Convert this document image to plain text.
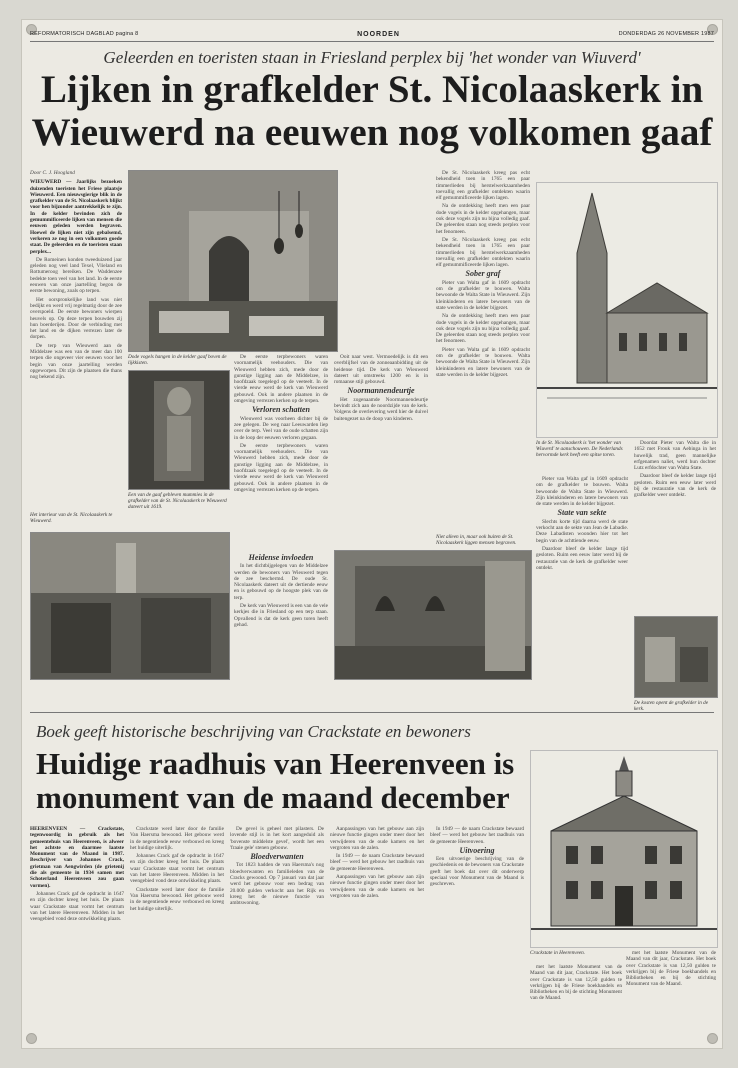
REFORMATORISCH DAGBLAD pagina 8	NOORDEN	DONDERDAG 26 NOVEMBER 1987
Geleerden en toeristen staan in Friesland perplex bij 'het wonder van Wiuverd'
Lijken in grafkelder St. Nicolaaskerk in
Wieuwerd na eeuwen nog volkomen gaaf

Door C. J. Hoogland

WIEUWERD — Jaarlijks bezoeken duizenden toeristen het Friese plaatsje Wieuwerd. Een nieuwsgierige blik in de grafkelder van de St. Nicolaaskerk blijkt voor hen bijzonder aantrekkelijk te zijn. In de kelder bevinden zich de gemummificeerde lijken van mensen die eeuwen geleden werden begraven. Hoewel de lijken niet zijn gebalsemd, verkeren ze nog in een volkomen goede staat. De geleerden en de toeristen staan perplex...

De Romeinen konden tweeduizend jaar geleden nog veel land Texel, Vlieland en Rottumeroog bereiken. De Waddenzee bedekte toen veel van het land. In de eerste eeuwen van onze jaartelling begon de eerste bewoning, zoals op terpen.

Het oorspronkelijke land was niet bedijkt en werd vrij regelmatig door de zee overspoeld. De eerste bewoners wierpen heuvels op. Op deze terpen bouwden zij hun boerderijen. Door de verbinding met het land en de dijken verrezen later de dorpen.

De terp van Wieuwerd aan de Middelzee was een van de meer dan 100 terpen die ongeveer vier eeuwen voor het begin van onze jaartelling werden opgeworpen. Dit zijn de plaatsen die thans nog bekend zijn.

Dode vogels hangen in de kelder gaaf boven de lijkkisten.

De eerste terpbewoners waren voornamelijk veehouders. Die van Wieuwerd hebben zich, mede door de gunstige ligging aan de Middelzee, in hoofdzaak toegelegd op de veeteelt. In de vierde eeuw werd de kerk van Wieuwerd gebouwd. Ook in andere plaatsen in de omgeving verrezen kerken op de terpen.

Verloren schatten

Wieuwerd was voorheen dichter bij de zee gelegen. De weg naar Leeuwarden liep over de terp. Veel van de oude schatten zijn in de loop der eeuwen verloren gegaan.

De eerste terpbewoners waren voornamelijk veehouders. Die van Wieuwerd hebben zich, mede door de gunstige ligging aan de Middelzee, in hoofdzaak toegelegd op de veeteelt. In de vierde eeuw werd de kerk van Wieuwerd gebouwd. Ook in andere plaatsen in de omgeving verrezen kerken op de terpen.

Een van de gaaf gebleven mummies in de grafkelder van de St. Nicolaaskerk te Wieuwerd dateert uit 1619.

Ooit naar west. Vermoedelijk is dit een overblijfsel van de zonneaanbidding uit de heidense tijd. De kerk van Wieuwerd dateert uit omstreeks 1200 en is in romaanse stijl gebouwd.

Noormannendeurtje

Het zogenaamde Noormannendeurtje bevindt zich aan de noordzijde van de kerk. Volgens de overlevering werd hier de duivel buitengezet na de doop van kinderen.

De St. Nicolaaskerk kreeg pas echt bekendheid toen in 1765 een paar timmerlieden bij herstelwerkzaamheden toevallig een grafkelder ontdekten waarin elf gemummificeerde lijken lagen.

Na de ontdekking heeft men een paar dode vogels in de kelder opgehangen, maar ook deze vogels zijn nu bijna volledig gaaf. De geleerden staan nog steeds perplex voor het fenomeen.

De St. Nicolaaskerk kreeg pas echt bekendheid toen in 1765 een paar timmerlieden bij herstelwerkzaamheden toevallig een grafkelder ontdekten waarin elf gemummificeerde lijken lagen.

Sober graf

Pieter van Walta gaf in 1609 opdracht om de grafkelder te bouwen. Walta bewoonde de Walta State in Wieuwerd. Zijn kleinkinderen en latere bewoners van de state werden in de kelder bijgezet.

Na de ontdekking heeft men een paar dode vogels in de kelder opgehangen, maar ook deze vogels zijn nu bijna volledig gaaf. De geleerden staan nog steeds perplex voor het fenomeen.

Pieter van Walta gaf in 1609 opdracht om de grafkelder te bouwen. Walta bewoonde de Walta State in Wieuwerd. Zijn kleinkinderen en latere bewoners van de state werden in de kelder bijgezet.

In de St. Nicolaaskerk is 'het wonder van Wiuverd' te aanschouwen. De Nederlands hervormde kerk heeft een spitse toren.

Pieter van Walta gaf in 1609 opdracht om de grafkelder te bouwen. Walta bewoonde de Walta State in Wieuwerd. Zijn kleinkinderen en latere bewoners van de state werden in de kelder bijgezet.

State van sekte

Slechts korte tijd daarna werd de state verkocht aan de sekte van Jean de Labadie. Deze Labadisten woonden hier tot het begin van de achttiende eeuw.

Daardoor bleef de kelder lange tijd gesloten. Ruim een eeuw later werd bij de restauratie van de kerk de grafkelder weer ontdekt.

Doordat Pieter van Walta die in 1652 met Frouk van Aebinga in het huwelijk trad, geen mannelijke erfgenamen naliet, werd hun dochter Lutz erfdochter van Walta State.

Daardoor bleef de kelder lange tijd gesloten. Ruim een eeuw later werd bij de restauratie van de kerk de grafkelder weer ontdekt.

De kosten opent de grafkelder in de kerk.
Het interieur van de St. Nicolaaskerk te Wieuwerd.
Heidense invloeden

In het dichtbijgelegen van de Middelzee werden de bewoners van Wieuwerd tegen de zee beschermd. De oude St. Nicolaaskerk dateert uit de dertiende eeuw en is gebouwd op de hoogste plek van de terp.

De kerk van Wieuwerd is een van de vele kerkjes die in Friesland op een terp staan. Opvallend is dat de kerk geen toren heeft gehad.

Niet alleen in, maar ook buiten de St. Nicolaaskerk liggen mensen begraven.
Boek geeft historische beschrijving van Crackstate en bewoners
Huidige raadhuis van Heerenveen is
monument van de maand december

HEERENVEEN — Crackstate, tegenwoordig in gebruik als het gemeentehuis van Heerenveen, is alweer het achtste en daarmee laatste Monument van de Maand in 1987. Beschrijver van Johannes Crack, grietman van Aengwirden (de grietenij die als gemeente in 1934 samen met Schoterland Heerenveen zou gaan vormen).

Johannes Crack gaf de opdracht in 1647 en zijn dochter kreeg het huis. De plaats waar Crackstate staat vormt het centrum van het latere Heerenveen. Midden in het veengebied vond deze ontwikkeling plaats.

Crackstate werd later door de familie Van Haersma bewoond. Het gebouw werd in de negentiende eeuw verbouwd en kreeg het huidige uiterlijk.

Johannes Crack gaf de opdracht in 1647 en zijn dochter kreeg het huis. De plaats waar Crackstate staat vormt het centrum van het latere Heerenveen. Midden in het veengebied vond deze ontwikkeling plaats.

Crackstate werd later door de familie Van Haersma bewoond. Het gebouw werd in de negentiende eeuw verbouwd en kreeg het huidige uiterlijk.

De gevel is geheel met pilasters. De lovende stijl is in het kort aangeduid als 'bovenste middelste gevel', wordt het een 'fraaie gele' stenen gebouw.

Bloedverwanten

Tot 1823 hadden de van Haersma's nog bloedverwanten en familieleden van de Cracks gewoond. Op 7 januari van dat jaar werd het gebouw voor een bedrag van 20.000 gulden verkocht aan het Rijk en kreeg het de nieuwe functie van ambtswoning.

Aanpassingen van het gebouw aan zijn nieuwe functie gingen onder meer door het verwijderen van de oude kamers en het vergroten van de zalen.

In 1949 — de naam Crackstate bewaard bleef — werd het gebouw het raadhuis van de gemeente Heerenveen.

Aanpassingen van het gebouw aan zijn nieuwe functie gingen onder meer door het verwijderen van de oude kamers en het vergroten van de zalen.

In 1949 — de naam Crackstate bewaard bleef — werd het gebouw het raadhuis van de gemeente Heerenveen.

Uitvoering

Een uitvoerige beschrijving van de geschiedenis en de bewoners van Crackstate geeft het boek dat over dit onderwerp speciaal voor Monument van de Maand is geschreven.

Crackstate in Heerenveen.

met het laatste Monument van de Maand van dit jaar, Crackstate. Het boek over Crackstate is van 12,50 gulden te verkrijgen bij de Friese boekhandels en Bibliotheken en bij de stichting Monument van de Maand.

met het laatste Monument van de Maand van dit jaar, Crackstate. Het boek over Crackstate is van 12,50 gulden te verkrijgen bij de Friese boekhandels en Bibliotheken en bij de stichting Monument van de Maand.
